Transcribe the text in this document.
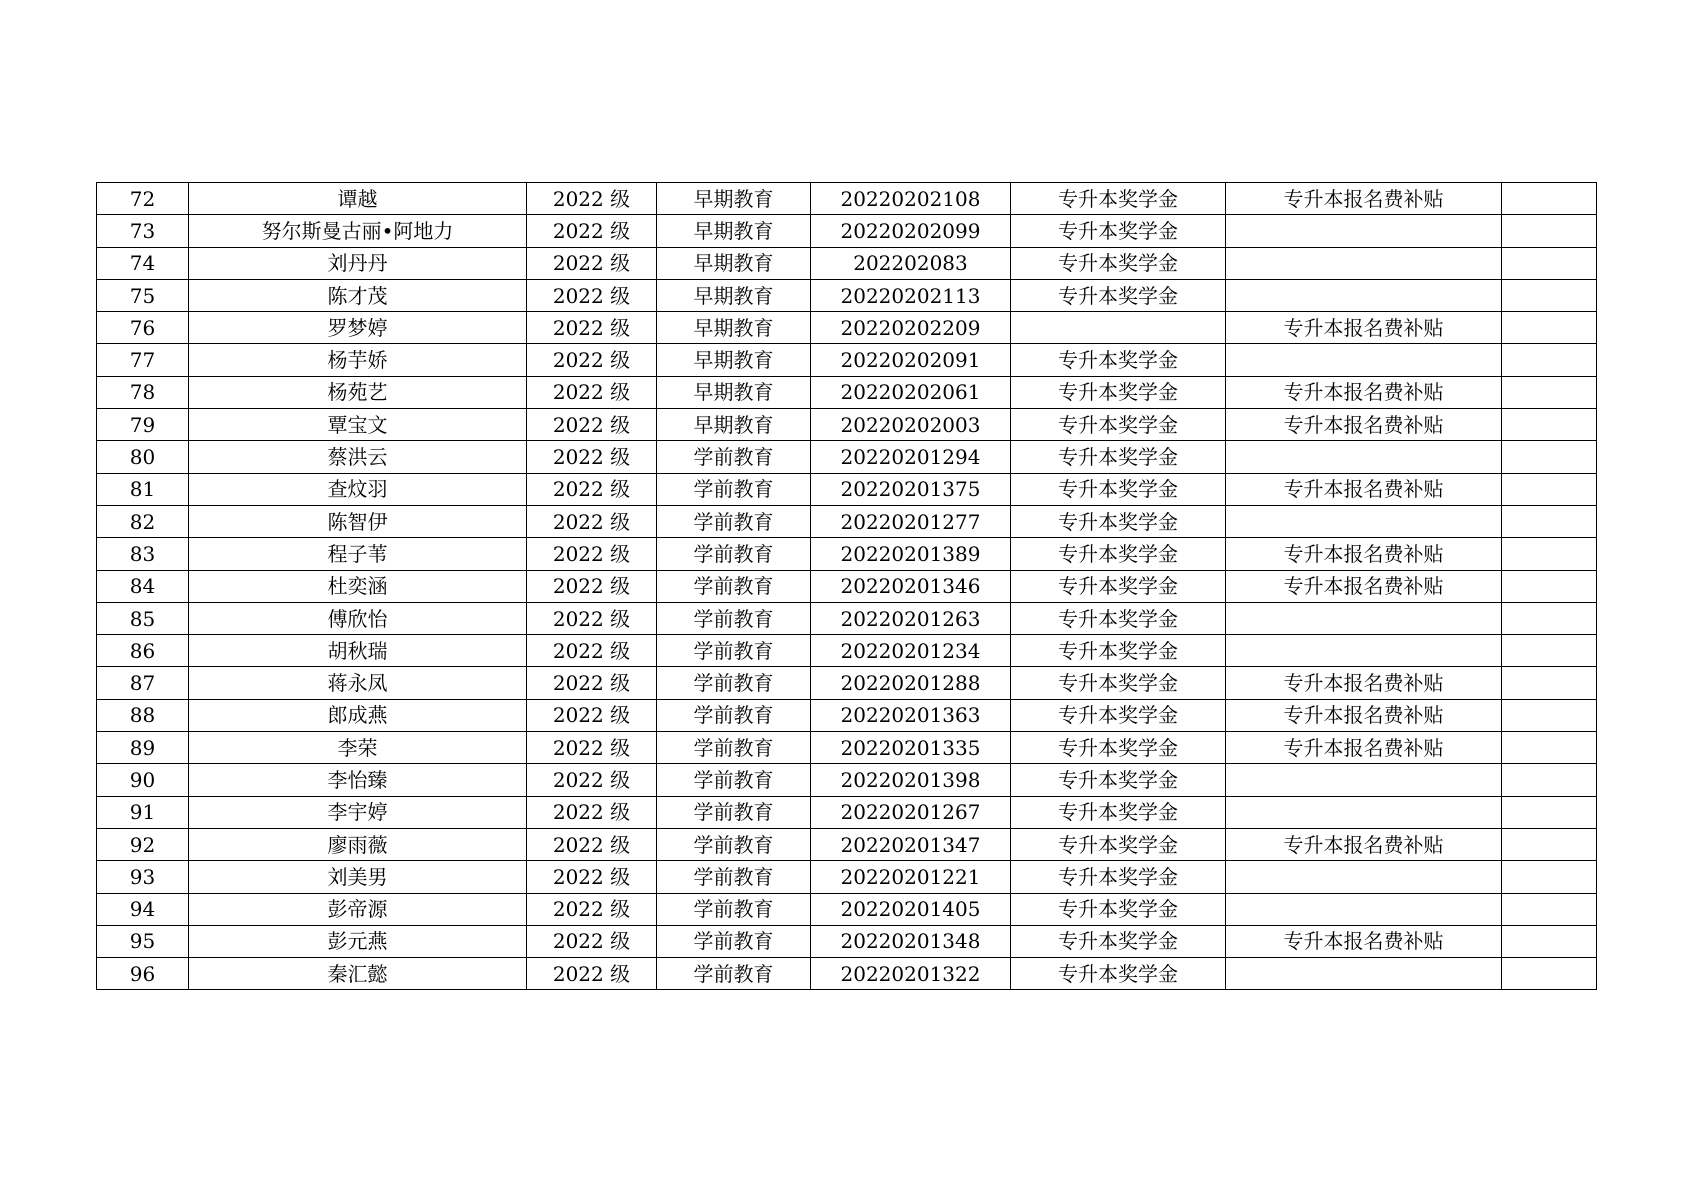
72	谭越	2022 级	早期教育	20220202108	专升本奖学金	专升本报名费补贴	
73	努尔斯曼古丽•阿地力	2022 级	早期教育	20220202099	专升本奖学金		
74	刘丹丹	2022 级	早期教育	202202083	专升本奖学金		
75	陈才茂	2022 级	早期教育	20220202113	专升本奖学金		
76	罗梦婷	2022 级	早期教育	20220202209		专升本报名费补贴	
77	杨芋娇	2022 级	早期教育	20220202091	专升本奖学金		
78	杨苑艺	2022 级	早期教育	20220202061	专升本奖学金	专升本报名费补贴	
79	覃宝文	2022 级	早期教育	20220202003	专升本奖学金	专升本报名费补贴	
80	蔡洪云	2022 级	学前教育	20220201294	专升本奖学金		
81	查炆羽	2022 级	学前教育	20220201375	专升本奖学金	专升本报名费补贴	
82	陈智伊	2022 级	学前教育	20220201277	专升本奖学金		
83	程子苇	2022 级	学前教育	20220201389	专升本奖学金	专升本报名费补贴	
84	杜奕涵	2022 级	学前教育	20220201346	专升本奖学金	专升本报名费补贴	
85	傅欣怡	2022 级	学前教育	20220201263	专升本奖学金		
86	胡秋瑞	2022 级	学前教育	20220201234	专升本奖学金		
87	蒋永凤	2022 级	学前教育	20220201288	专升本奖学金	专升本报名费补贴	
88	郎成燕	2022 级	学前教育	20220201363	专升本奖学金	专升本报名费补贴	
89	李荣	2022 级	学前教育	20220201335	专升本奖学金	专升本报名费补贴	
90	李怡臻	2022 级	学前教育	20220201398	专升本奖学金		
91	李宇婷	2022 级	学前教育	20220201267	专升本奖学金		
92	廖雨薇	2022 级	学前教育	20220201347	专升本奖学金	专升本报名费补贴	
93	刘美男	2022 级	学前教育	20220201221	专升本奖学金		
94	彭帝源	2022 级	学前教育	20220201405	专升本奖学金		
95	彭元燕	2022 级	学前教育	20220201348	专升本奖学金	专升本报名费补贴	
96	秦汇懿	2022 级	学前教育	20220201322	专升本奖学金		
